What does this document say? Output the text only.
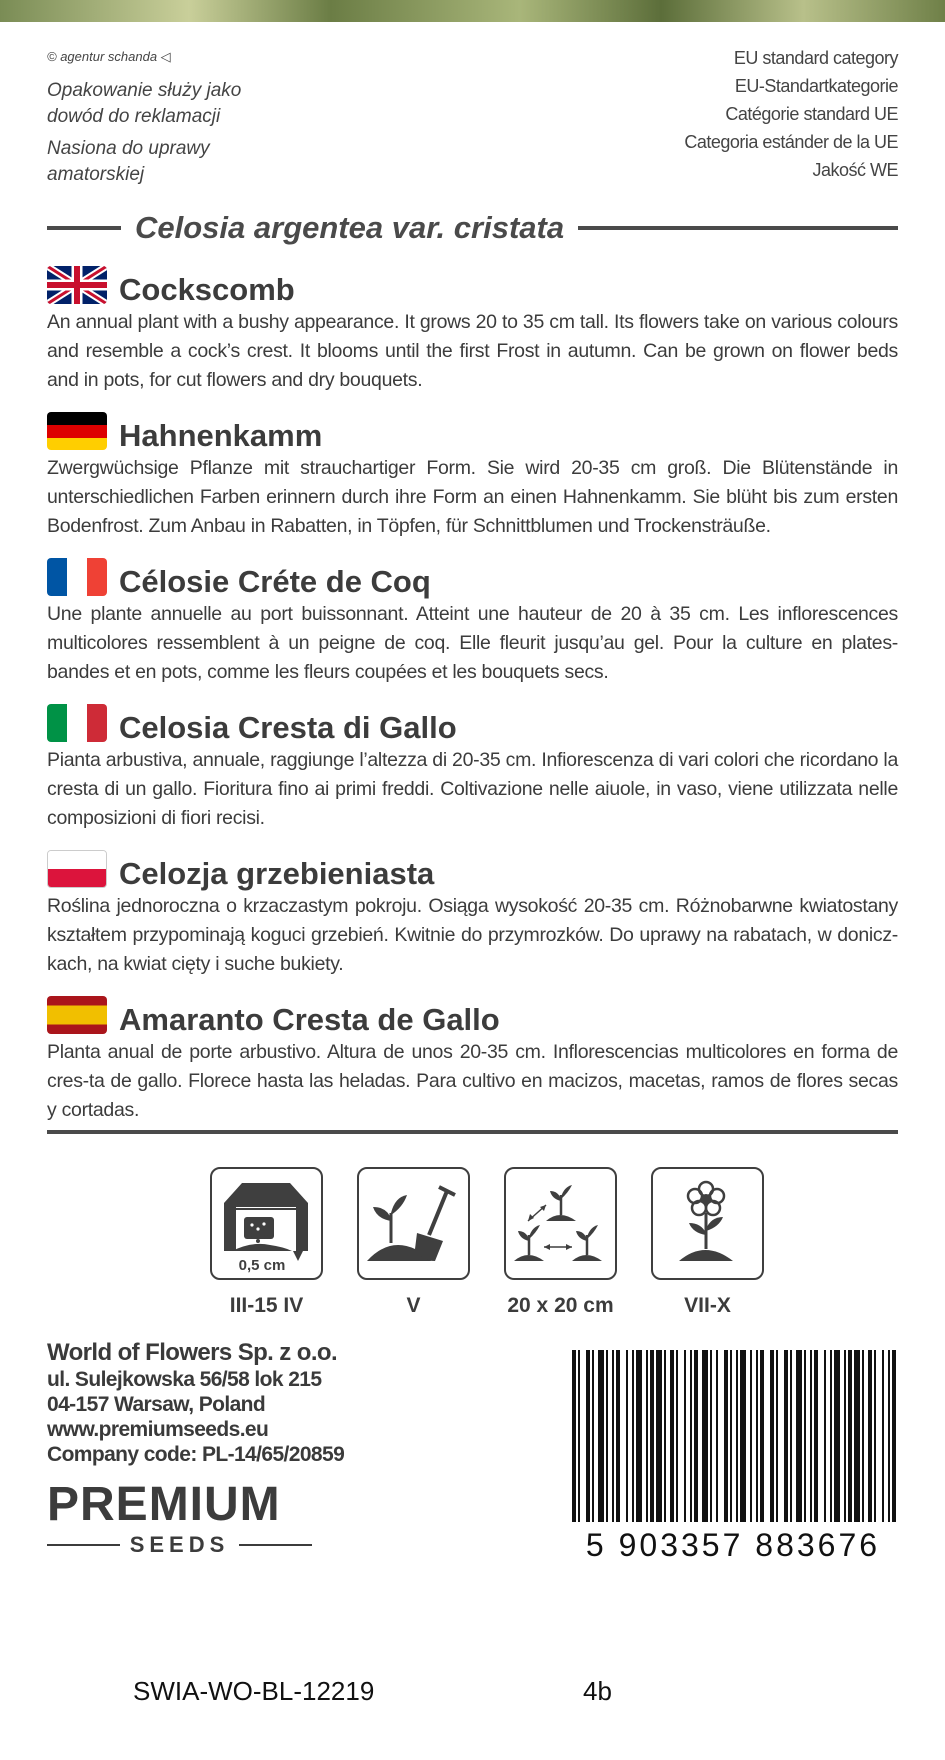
© agentur schanda ◁
Opakowanie służy jako
dowód do reklamacji
Nasiona do uprawy
amatorskiej
EU standard category
EU-Standartkategorie
Catégorie standard UE
Categoria estánder de la UE
Jakość WE
Celosia argentea var. cristata
Cockscomb
An annual plant with a bushy appearance. It grows 20 to 35 cm tall. Its flowers take on various colours and resemble a cock’s crest. It blooms until the first Frost in autumn. Can be grown on flower beds and in pots, for cut flowers and dry bouquets.
Hahnenkamm
Zwergwüchsige Pflanze mit strauchartiger Form. Sie wird 20-35 cm groß. Die Blütenstände in unterschiedlichen Farben erinnern durch ihre Form an einen Hahnenkamm. Sie blüht bis zum ersten Bodenfrost. Zum Anbau in Rabatten, in Töpfen, für Schnittblumen und Trockensträuße.
Célosie Créte de Coq
Une plante annuelle au port buissonnant. Atteint une hauteur de 20 à 35 cm. Les inflorescences multicolores ressemblent à un peigne de coq. Elle fleurit jusqu’au gel. Pour la culture en plates-bandes et en pots, comme les fleurs coupées et les bouquets secs.
Celosia Cresta di Gallo
Pianta arbustiva, annuale, raggiunge l’altezza di 20-35 cm. Infiorescenza di vari colori che ricordano la cresta di un gallo. Fioritura fino ai primi freddi. Coltivazione nelle aiuole, in vaso, viene utilizzata nelle composizioni di fiori recisi.
Celozja grzebieniasta
Roślina jednoroczna o krzaczastym pokroju. Osiąga wysokość 20-35 cm. Różnobarwne kwiatostany kształtem przypominają koguci grzebień. Kwitnie do przymrozków. Do uprawy na rabatach, w donicz-kach, na kwiat cięty i suche bukiety.
Amaranto Cresta de Gallo
Planta anual de porte arbustivo. Altura de unos 20-35 cm. Inflorescencias multicolores en forma de cres-ta de gallo. Florece hasta las heladas. Para cultivo en macizos, macetas, ramos de flores secas y cortadas.
0,5 cm
III-15 IV	V	20 x 20 cm	VII-X
World of Flowers Sp. z o.o.
ul. Sulejkowska 56/58 lok 215
04-157 Warsaw, Poland
www.premiumseeds.eu
Company code: PL-14/65/20859
PREMIUM
SEEDS	5 903357 883676
SWIA-WO-BL-12219	4b
